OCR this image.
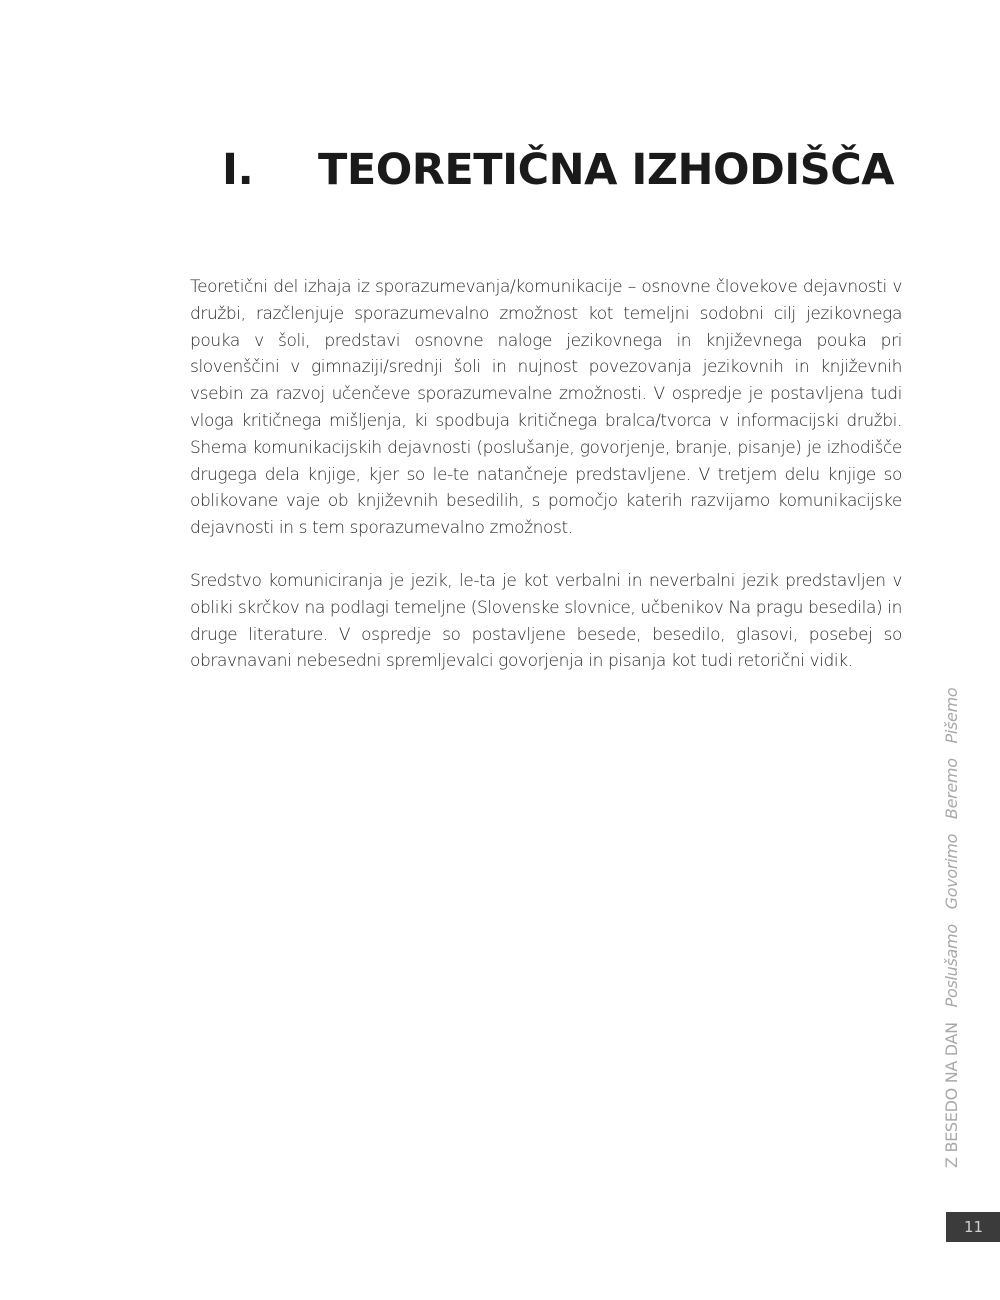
I. TEORETIČNA IZHODIŠČA

Teoretični del izhaja iz sporazumevanja/komunikacije – osnovne človekove dejavnosti v družbi, razčlenjuje sporazumevalno zmožnost kot temeljni sodobni cilj jezikovnega pouka v šoli, predstavi osnovne naloge jezikovnega in književnega pouka pri slovenščini v gimnaziji/srednji šoli in nujnost povezovanja jezikovnih in književnih vsebin za razvoj učenčeve sporazumevalne zmožnosti. V ospredje je postavljena tudi vloga kritičnega mišljenja, ki spodbuja kritičnega bralca/tvorca v informacijski družbi. Shema komunikacijskih dejavnosti (poslušanje, govorjenje, branje, pisanje) je izhodišče drugega dela knjige, kjer so le-te natančneje predstavljene. V tretjem delu knjige so oblikovane vaje ob književnih besedilih, s pomočjo katerih razvijamo komunikacijske dejavnosti in s tem sporazumevalno zmožnost.

Sredstvo komuniciranja je jezik, le-ta je kot verbalni in neverbalni jezik predstavljen v obliki skrčkov na podlagi temeljne (Slovenske slovnice, učbenikov Na pragu besedila) in druge literature. V ospredje so postavljene besede, besedilo, glasovi, posebej so obravnavani nebesedni spremljevalci govorjenja in pisanja kot tudi retorični vidik.

Z BESEDO NA DAN Poslušamo Govorimo Beremo Pišemo
11
